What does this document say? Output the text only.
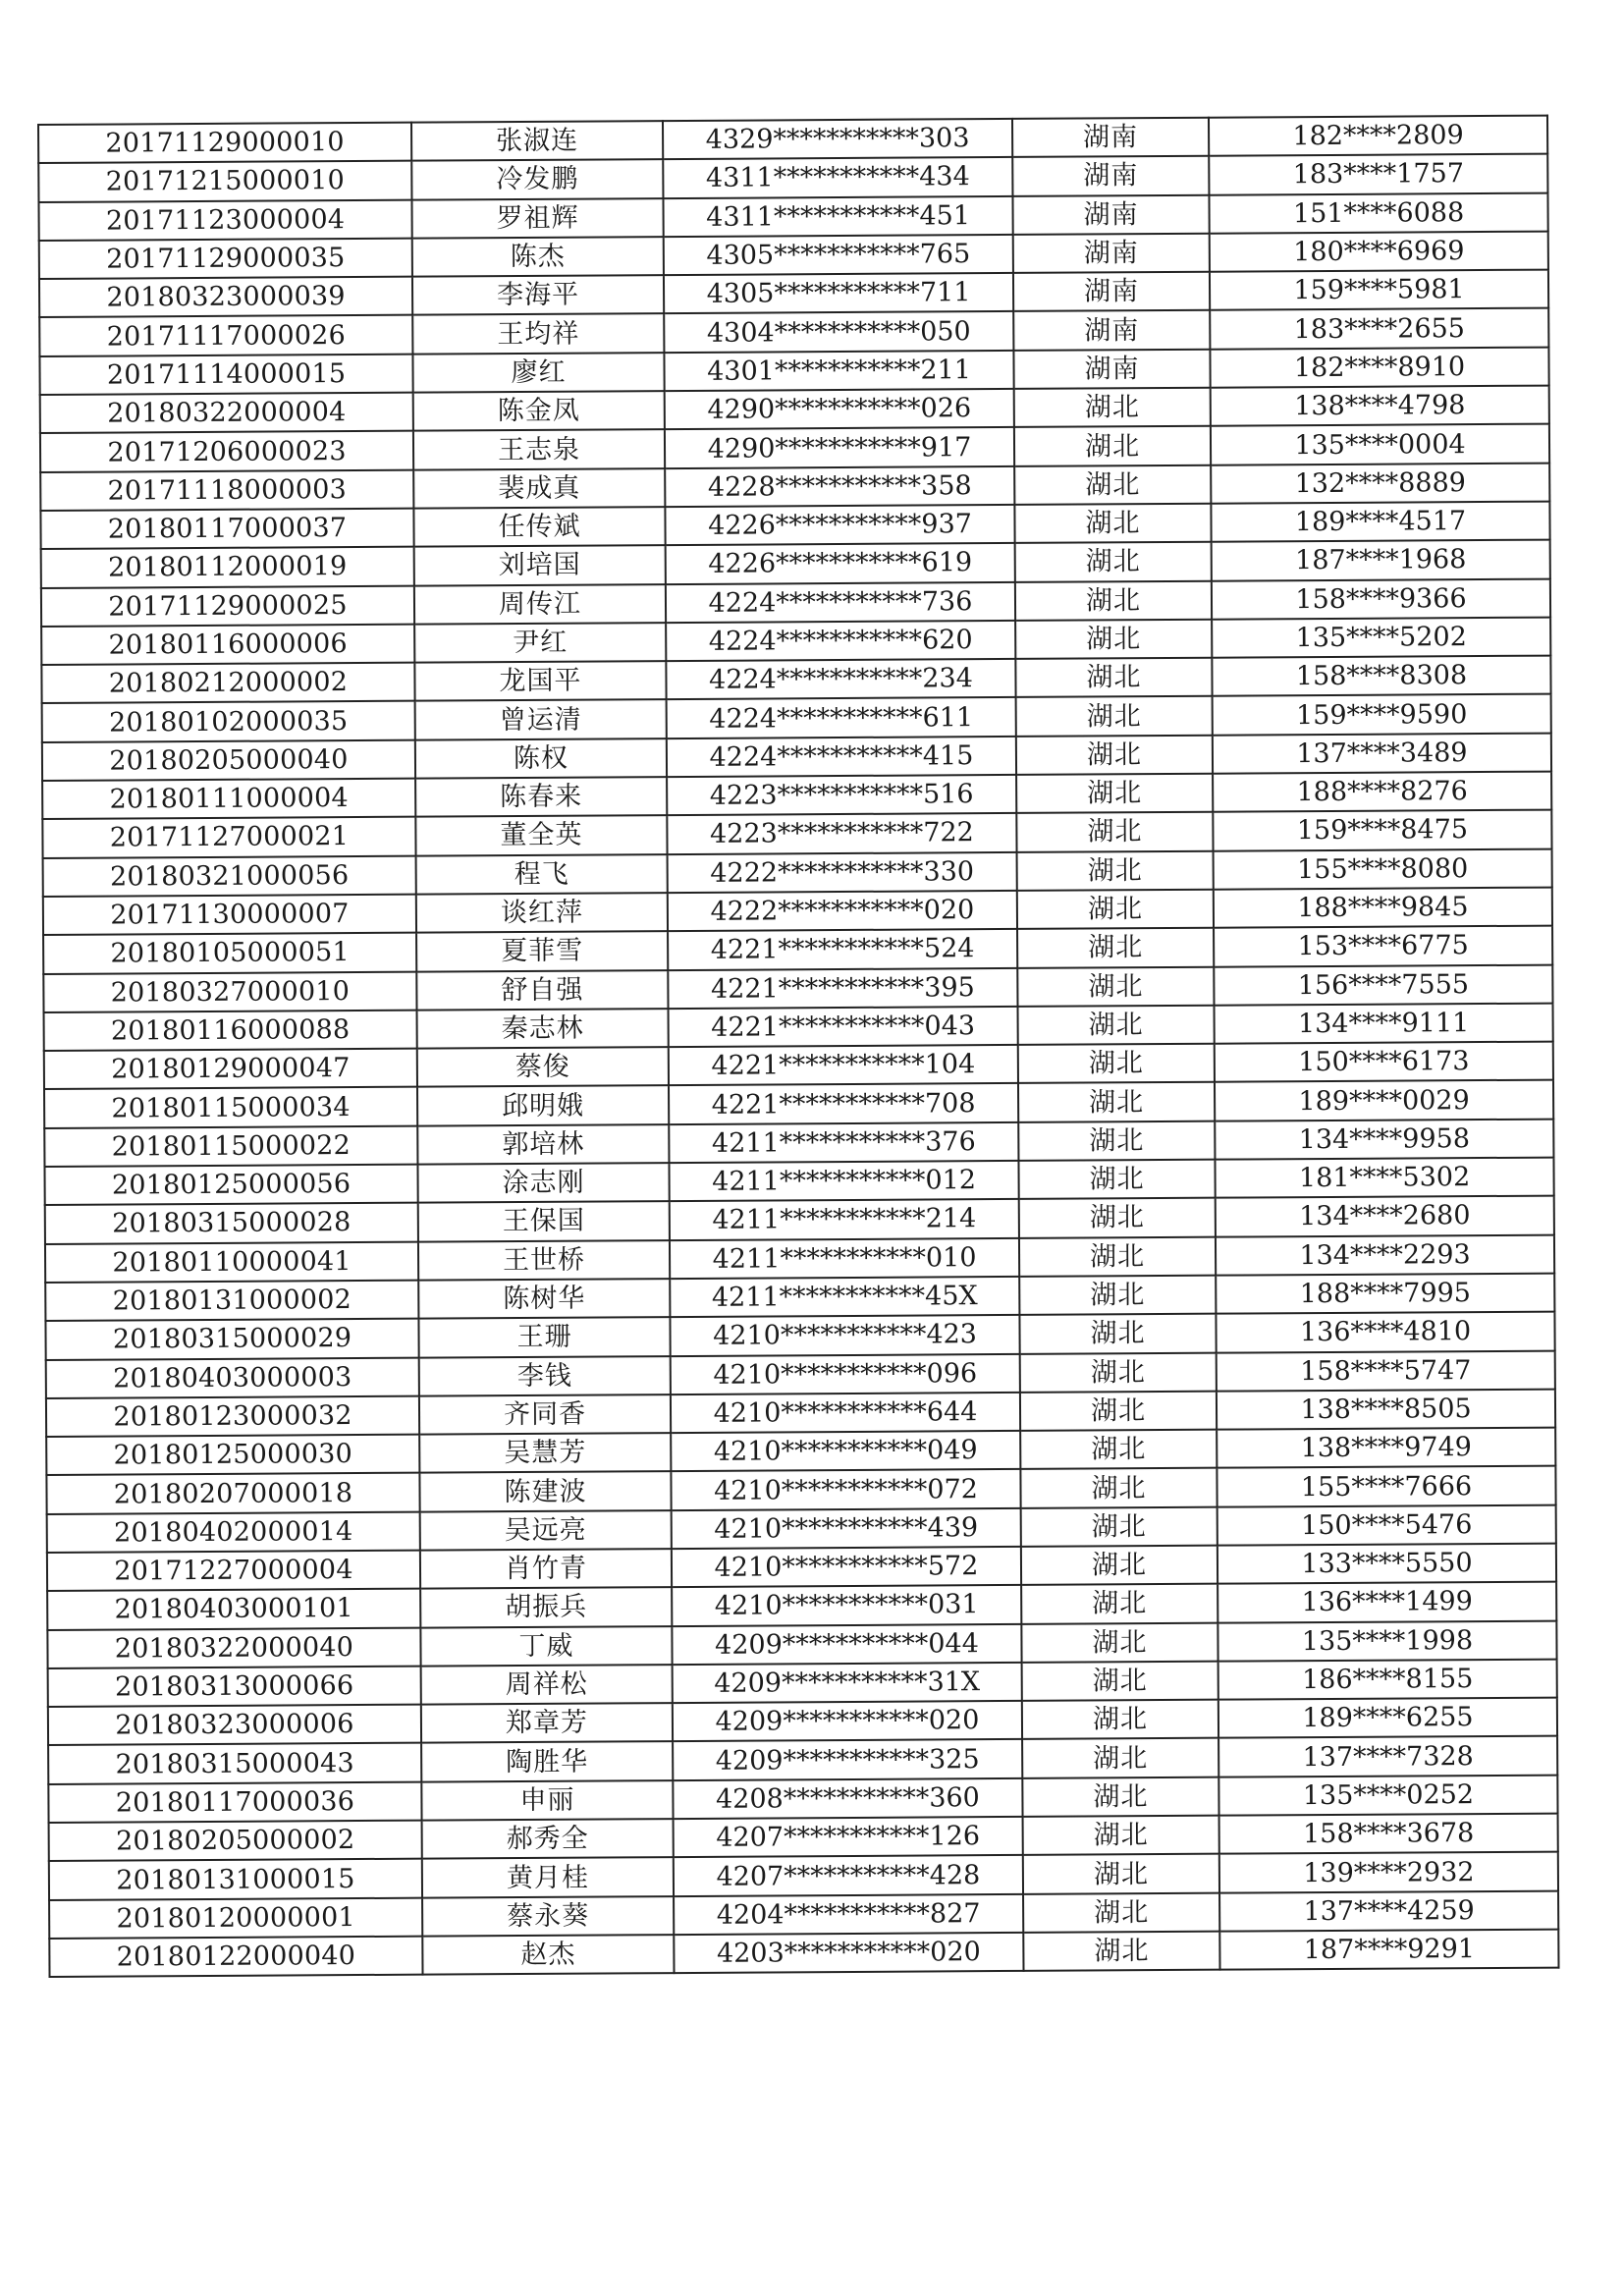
20171129000010	张淑连	4329***********303	湖南	182****2809
20171215000010	冷发鹏	4311***********434	湖南	183****1757
20171123000004	罗祖辉	4311***********451	湖南	151****6088
20171129000035	陈杰	4305***********765	湖南	180****6969
20180323000039	李海平	4305***********711	湖南	159****5981
20171117000026	王均祥	4304***********050	湖南	183****2655
20171114000015	廖红	4301***********211	湖南	182****8910
20180322000004	陈金凤	4290***********026	湖北	138****4798
20171206000023	王志泉	4290***********917	湖北	135****0004
20171118000003	裴成真	4228***********358	湖北	132****8889
20180117000037	任传斌	4226***********937	湖北	189****4517
20180112000019	刘培国	4226***********619	湖北	187****1968
20171129000025	周传江	4224***********736	湖北	158****9366
20180116000006	尹红	4224***********620	湖北	135****5202
20180212000002	龙国平	4224***********234	湖北	158****8308
20180102000035	曾运清	4224***********611	湖北	159****9590
20180205000040	陈权	4224***********415	湖北	137****3489
20180111000004	陈春来	4223***********516	湖北	188****8276
20171127000021	董全英	4223***********722	湖北	159****8475
20180321000056	程飞	4222***********330	湖北	155****8080
20171130000007	谈红萍	4222***********020	湖北	188****9845
20180105000051	夏菲雪	4221***********524	湖北	153****6775
20180327000010	舒自强	4221***********395	湖北	156****7555
20180116000088	秦志林	4221***********043	湖北	134****9111
20180129000047	蔡俊	4221***********104	湖北	150****6173
20180115000034	邱明娥	4221***********708	湖北	189****0029
20180115000022	郭培林	4211***********376	湖北	134****9958
20180125000056	涂志刚	4211***********012	湖北	181****5302
20180315000028	王保国	4211***********214	湖北	134****2680
20180110000041	王世桥	4211***********010	湖北	134****2293
20180131000002	陈树华	4211***********45X	湖北	188****7995
20180315000029	王珊	4210***********423	湖北	136****4810
20180403000003	李钱	4210***********096	湖北	158****5747
20180123000032	齐同香	4210***********644	湖北	138****8505
20180125000030	吴慧芳	4210***********049	湖北	138****9749
20180207000018	陈建波	4210***********072	湖北	155****7666
20180402000014	吴远亮	4210***********439	湖北	150****5476
20171227000004	肖竹青	4210***********572	湖北	133****5550
20180403000101	胡振兵	4210***********031	湖北	136****1499
20180322000040	丁威	4209***********044	湖北	135****1998
20180313000066	周祥松	4209***********31X	湖北	186****8155
20180323000006	郑章芳	4209***********020	湖北	189****6255
20180315000043	陶胜华	4209***********325	湖北	137****7328
20180117000036	申丽	4208***********360	湖北	135****0252
20180205000002	郝秀全	4207***********126	湖北	158****3678
20180131000015	黄月桂	4207***********428	湖北	139****2932
20180120000001	蔡永葵	4204***********827	湖北	137****4259
20180122000040	赵杰	4203***********020	湖北	187****9291
